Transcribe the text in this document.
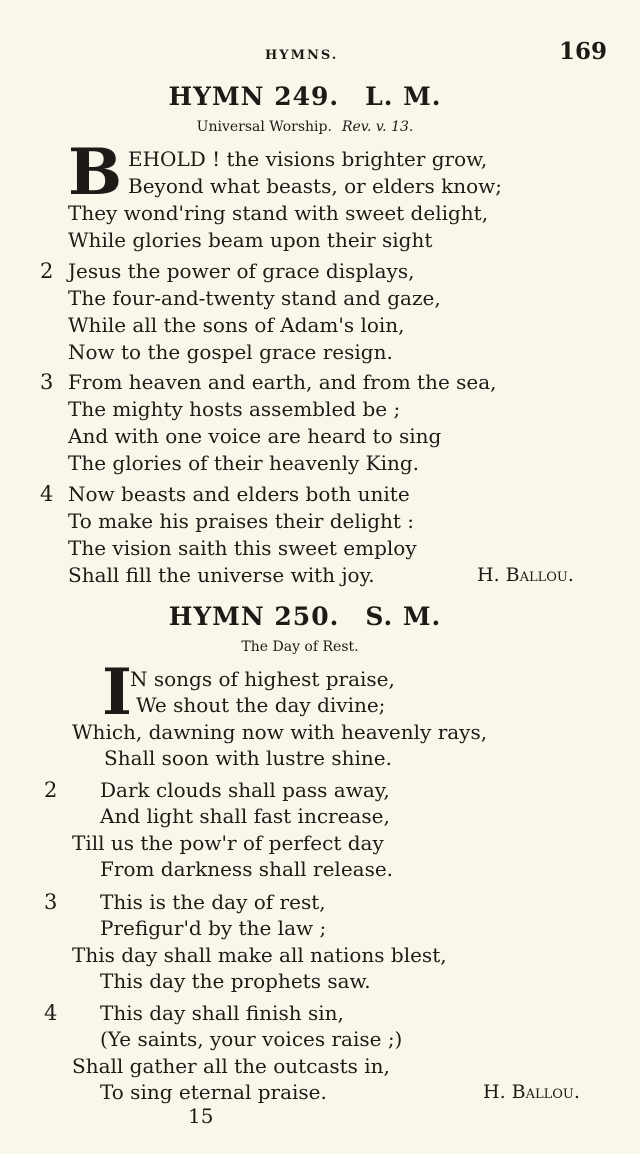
HYMNS.	169
HYMN 249. L. M.
Universal Worship. Rev. v. 13.
B EHOLD ! the visions brighter grow,
Beyond what beasts, or elders know;
They wond'ring stand with sweet delight,
While glories beam upon their sight
2 Jesus the power of grace displays,
The four-and-twenty stand and gaze,
While all the sons of Adam's loin,
Now to the gospel grace resign.
3 From heaven and earth, and from the sea,
The mighty hosts assembled be ;
And with one voice are heard to sing
The glories of their heavenly King.
4 Now beasts and elders both unite
To make his praises their delight :
The vision saith this sweet employ
Shall fill the universe with joy.	H. Ballou.
HYMN 250. S. M.
The Day of Rest.
I
N songs of highest praise,
We shout the day divine;
Which, dawning now with heavenly rays,
Shall soon with lustre shine.
2 Dark clouds shall pass away,
And light shall fast increase,
Till us the pow'r of perfect day
From darkness shall release.
3 This is the day of rest,
Prefigur'd by the law ;
This day shall make all nations blest,
This day the prophets saw.
4 This day shall finish sin,
(Ye saints, your voices raise ;)
Shall gather all the outcasts in,
To sing eternal praise.	H. Ballou.
15
